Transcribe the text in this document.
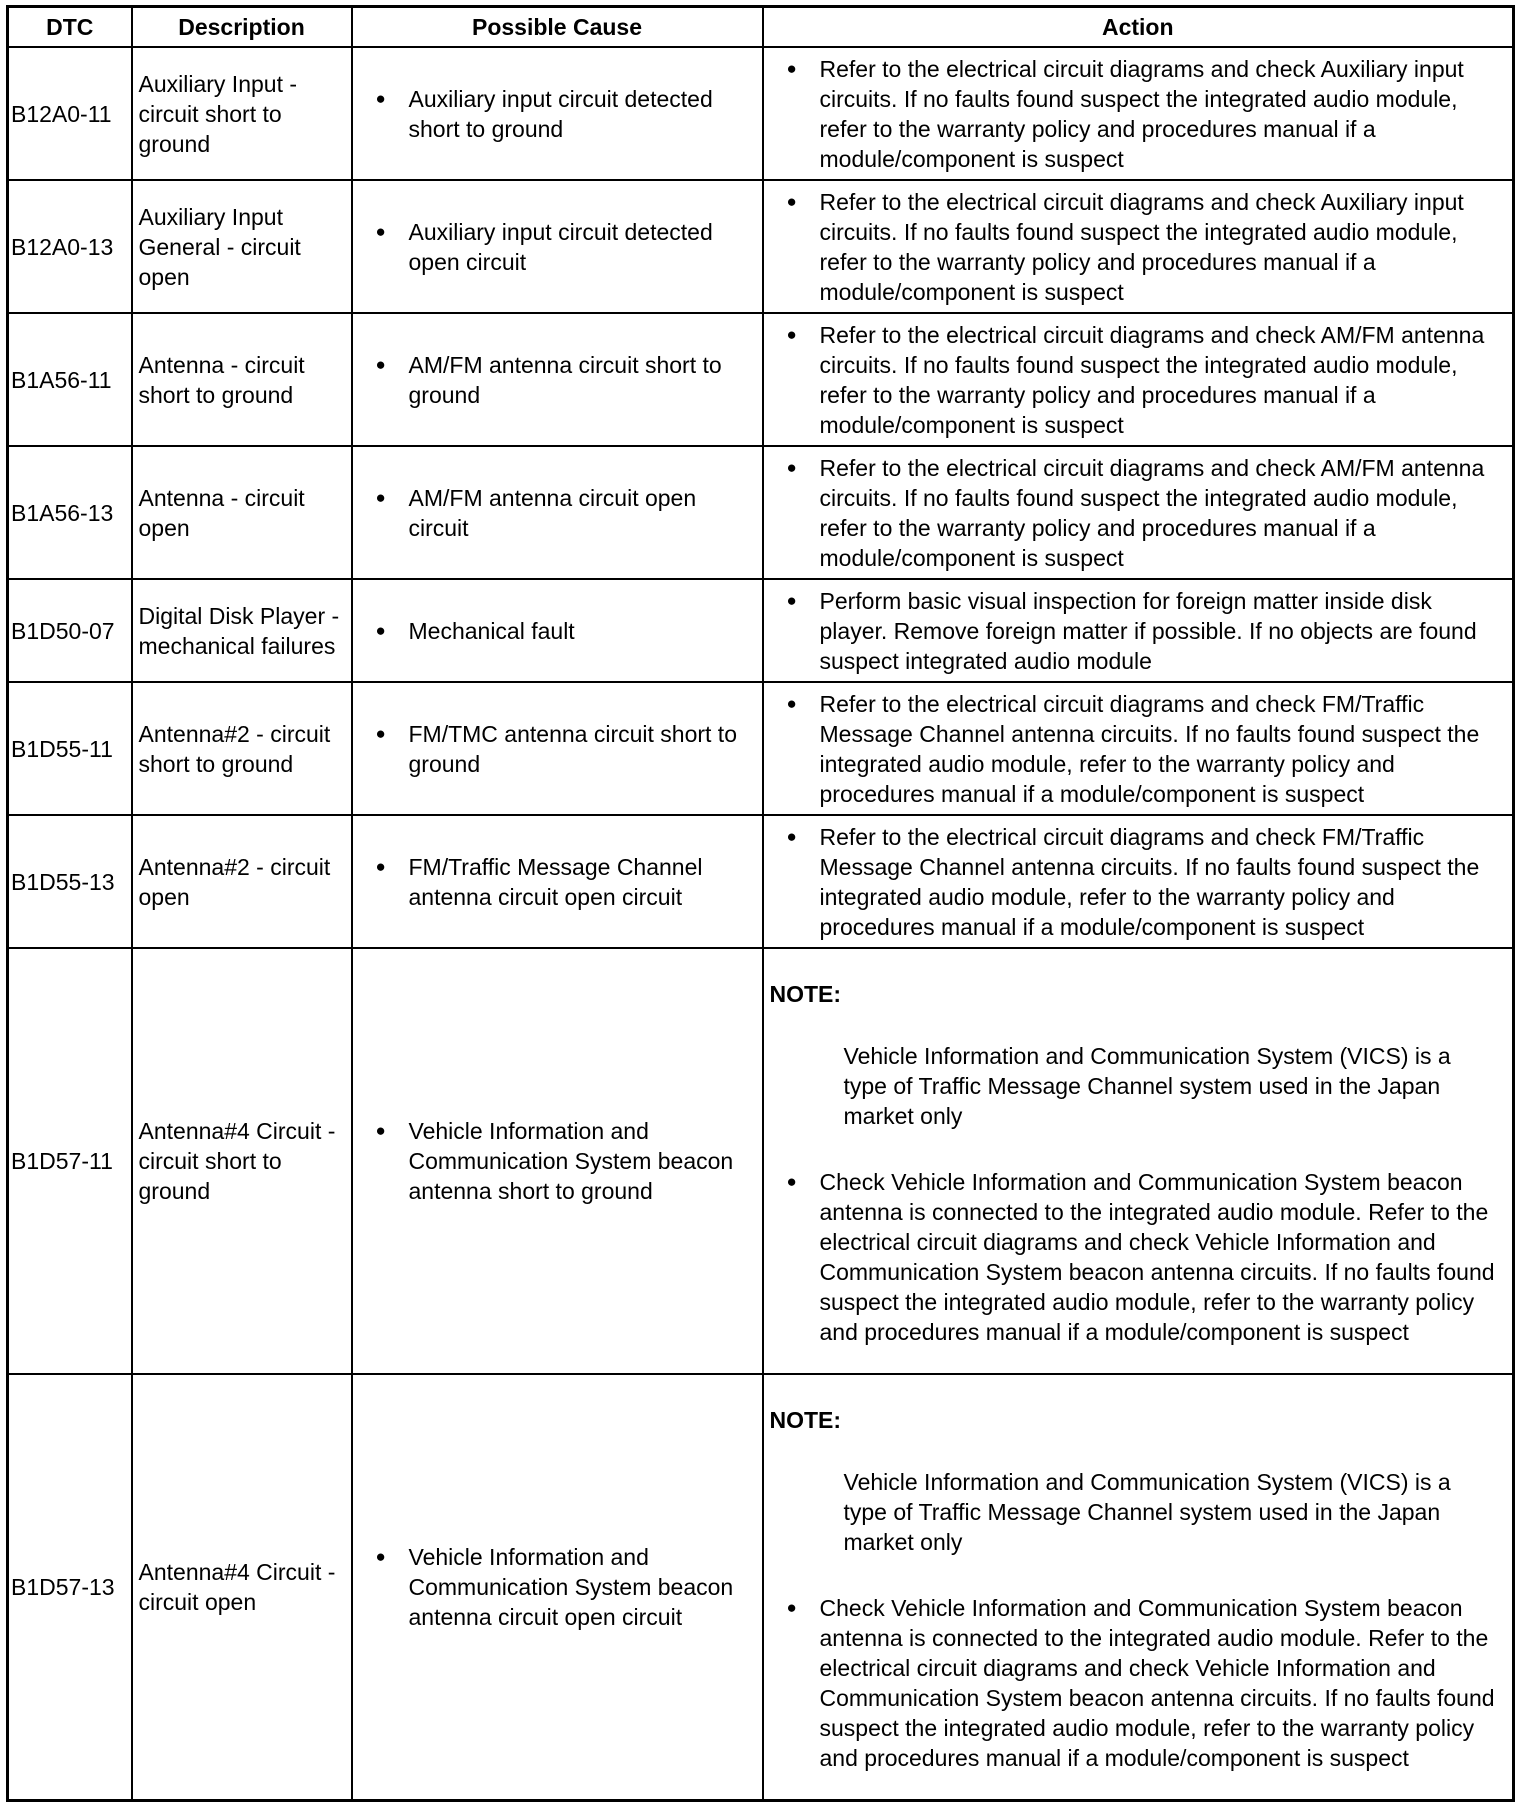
DTC	Description	Possible Cause	Action
B12A0-11	Auxiliary Input - circuit short to ground	● Auxiliary input circuit detected short to ground	● Refer to the electrical circuit diagrams and check Auxiliary input circuits. If no faults found suspect the integrated audio module, refer to the warranty policy and procedures manual if a module/component is suspect

B12A0-13	Auxiliary Input General - circuit open	● Auxiliary input circuit detected open circuit	● Refer to the electrical circuit diagrams and check Auxiliary input circuits. If no faults found suspect the integrated audio module, refer to the warranty policy and procedures manual if a module/component is suspect

B1A56-11	Antenna - circuit short to ground	● AM/FM antenna circuit short to ground	● Refer to the electrical circuit diagrams and check AM/FM antenna circuits. If no faults found suspect the integrated audio module, refer to the warranty policy and procedures manual if a module/component is suspect

B1A56-13	Antenna - circuit open	● AM/FM antenna circuit open circuit	● Refer to the electrical circuit diagrams and check AM/FM antenna circuits. If no faults found suspect the integrated audio module, refer to the warranty policy and procedures manual if a module/component is suspect

B1D50-07	Digital Disk Player - mechanical failures	● Mechanical fault	● Perform basic visual inspection for foreign matter inside disk player. Remove foreign matter if possible. If no objects are found suspect integrated audio module

B1D55-11	Antenna#2 - circuit short to ground	● FM/TMC antenna circuit short to ground	● Refer to the electrical circuit diagrams and check FM/Traffic Message Channel antenna circuits. If no faults found suspect the integrated audio module, refer to the warranty policy and procedures manual if a module/component is suspect

B1D55-13	Antenna#2 - circuit open	● FM/Traffic Message Channel antenna circuit open circuit	● Refer to the electrical circuit diagrams and check FM/Traffic Message Channel antenna circuits. If no faults found suspect the integrated audio module, refer to the warranty policy and procedures manual if a module/component is suspect

B1D57-11	Antenna#4 Circuit - circuit short to ground	● Vehicle Information and Communication System beacon antenna short to ground	NOTE:
Vehicle Information and Communication System (VICS) is a type of Traffic Message Channel system used in the Japan market only
● Check Vehicle Information and Communication System beacon antenna is connected to the integrated audio module. Refer to the electrical circuit diagrams and check Vehicle Information and Communication System beacon antenna circuits. If no faults found suspect the integrated audio module, refer to the warranty policy and procedures manual if a module/component is suspect

B1D57-13	Antenna#4 Circuit - circuit open	● Vehicle Information and Communication System beacon antenna circuit open circuit	NOTE:
Vehicle Information and Communication System (VICS) is a type of Traffic Message Channel system used in the Japan market only
● Check Vehicle Information and Communication System beacon antenna is connected to the integrated audio module. Refer to the electrical circuit diagrams and check Vehicle Information and Communication System beacon antenna circuits. If no faults found suspect the integrated audio module, refer to the warranty policy and procedures manual if a module/component is suspect
